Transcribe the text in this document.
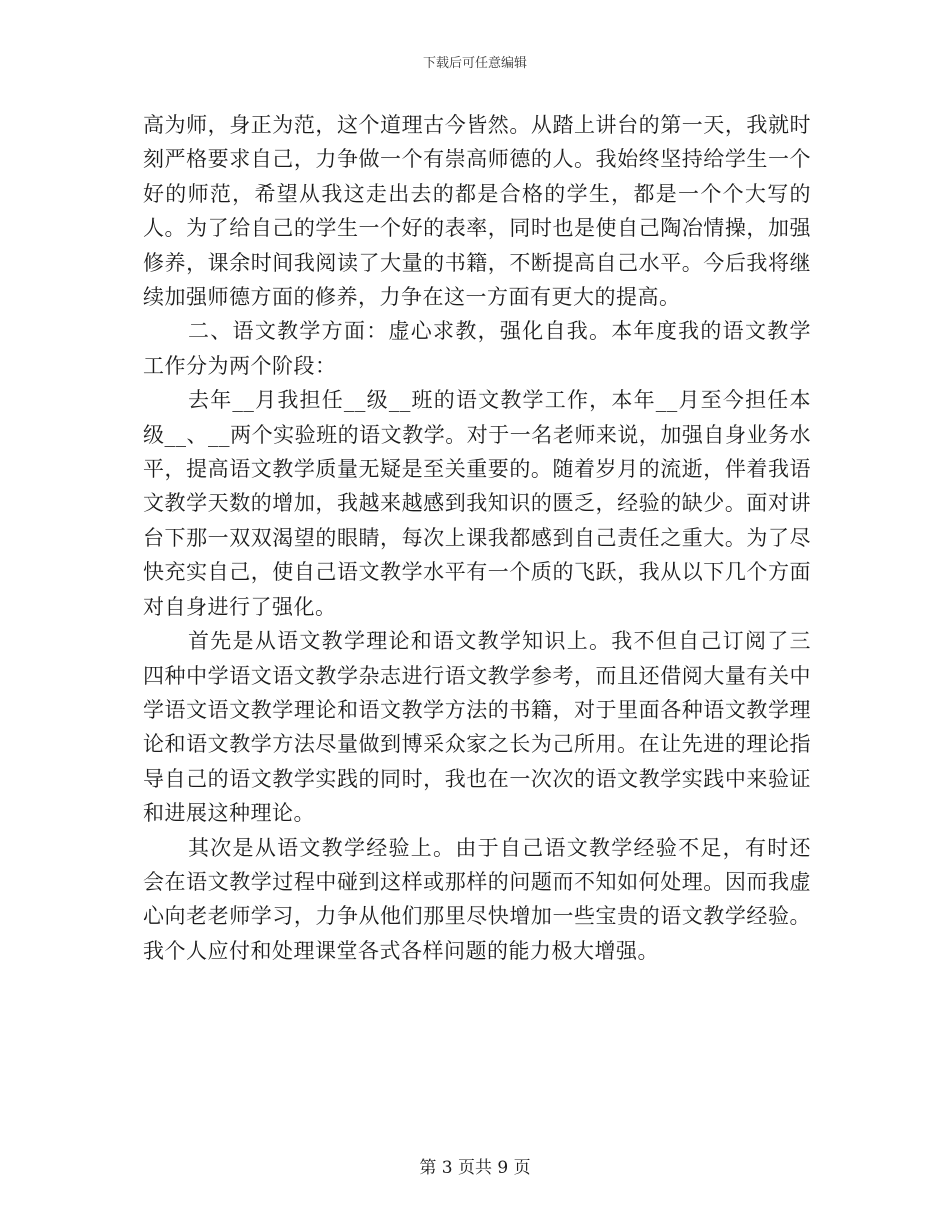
下载后可任意编辑

高为师，身正为范，这个道理古今皆然。从踏上讲台的第一天，我就时刻严格要求自己，力争做一个有崇高师德的人。我始终坚持给学生一个好的师范，希望从我这走出去的都是合格的学生，都是一个个大写的人。为了给自己的学生一个好的表率，同时也是使自己陶冶情操，加强修养，课余时间我阅读了大量的书籍，不断提高自己水平。今后我将继续加强师德方面的修养，力争在这一方面有更大的提高。

二、语文教学方面：虚心求教，强化自我。本年度我的语文教学工作分为两个阶段：

去年__月我担任__级__班的语文教学工作，本年__月至今担任本级__、__两个实验班的语文教学。对于一名老师来说，加强自身业务水平，提高语文教学质量无疑是至关重要的。随着岁月的流逝，伴着我语文教学天数的增加，我越来越感到我知识的匮乏，经验的缺少。面对讲台下那一双双渴望的眼睛，每次上课我都感到自己责任之重大。为了尽快充实自己，使自己语文教学水平有一个质的飞跃，我从以下几个方面对自身进行了强化。

首先是从语文教学理论和语文教学知识上。我不但自己订阅了三四种中学语文语文教学杂志进行语文教学参考，而且还借阅大量有关中学语文语文教学理论和语文教学方法的书籍，对于里面各种语文教学理论和语文教学方法尽量做到博采众家之长为己所用。在让先进的理论指导自己的语文教学实践的同时，我也在一次次的语文教学实践中来验证和进展这种理论。

其次是从语文教学经验上。由于自己语文教学经验不足，有时还会在语文教学过程中碰到这样或那样的问题而不知如何处理。因而我虚心向老老师学习，力争从他们那里尽快增加一些宝贵的语文教学经验。我个人应付和处理课堂各式各样问题的能力极大增强。

第 3 页共 9 页
